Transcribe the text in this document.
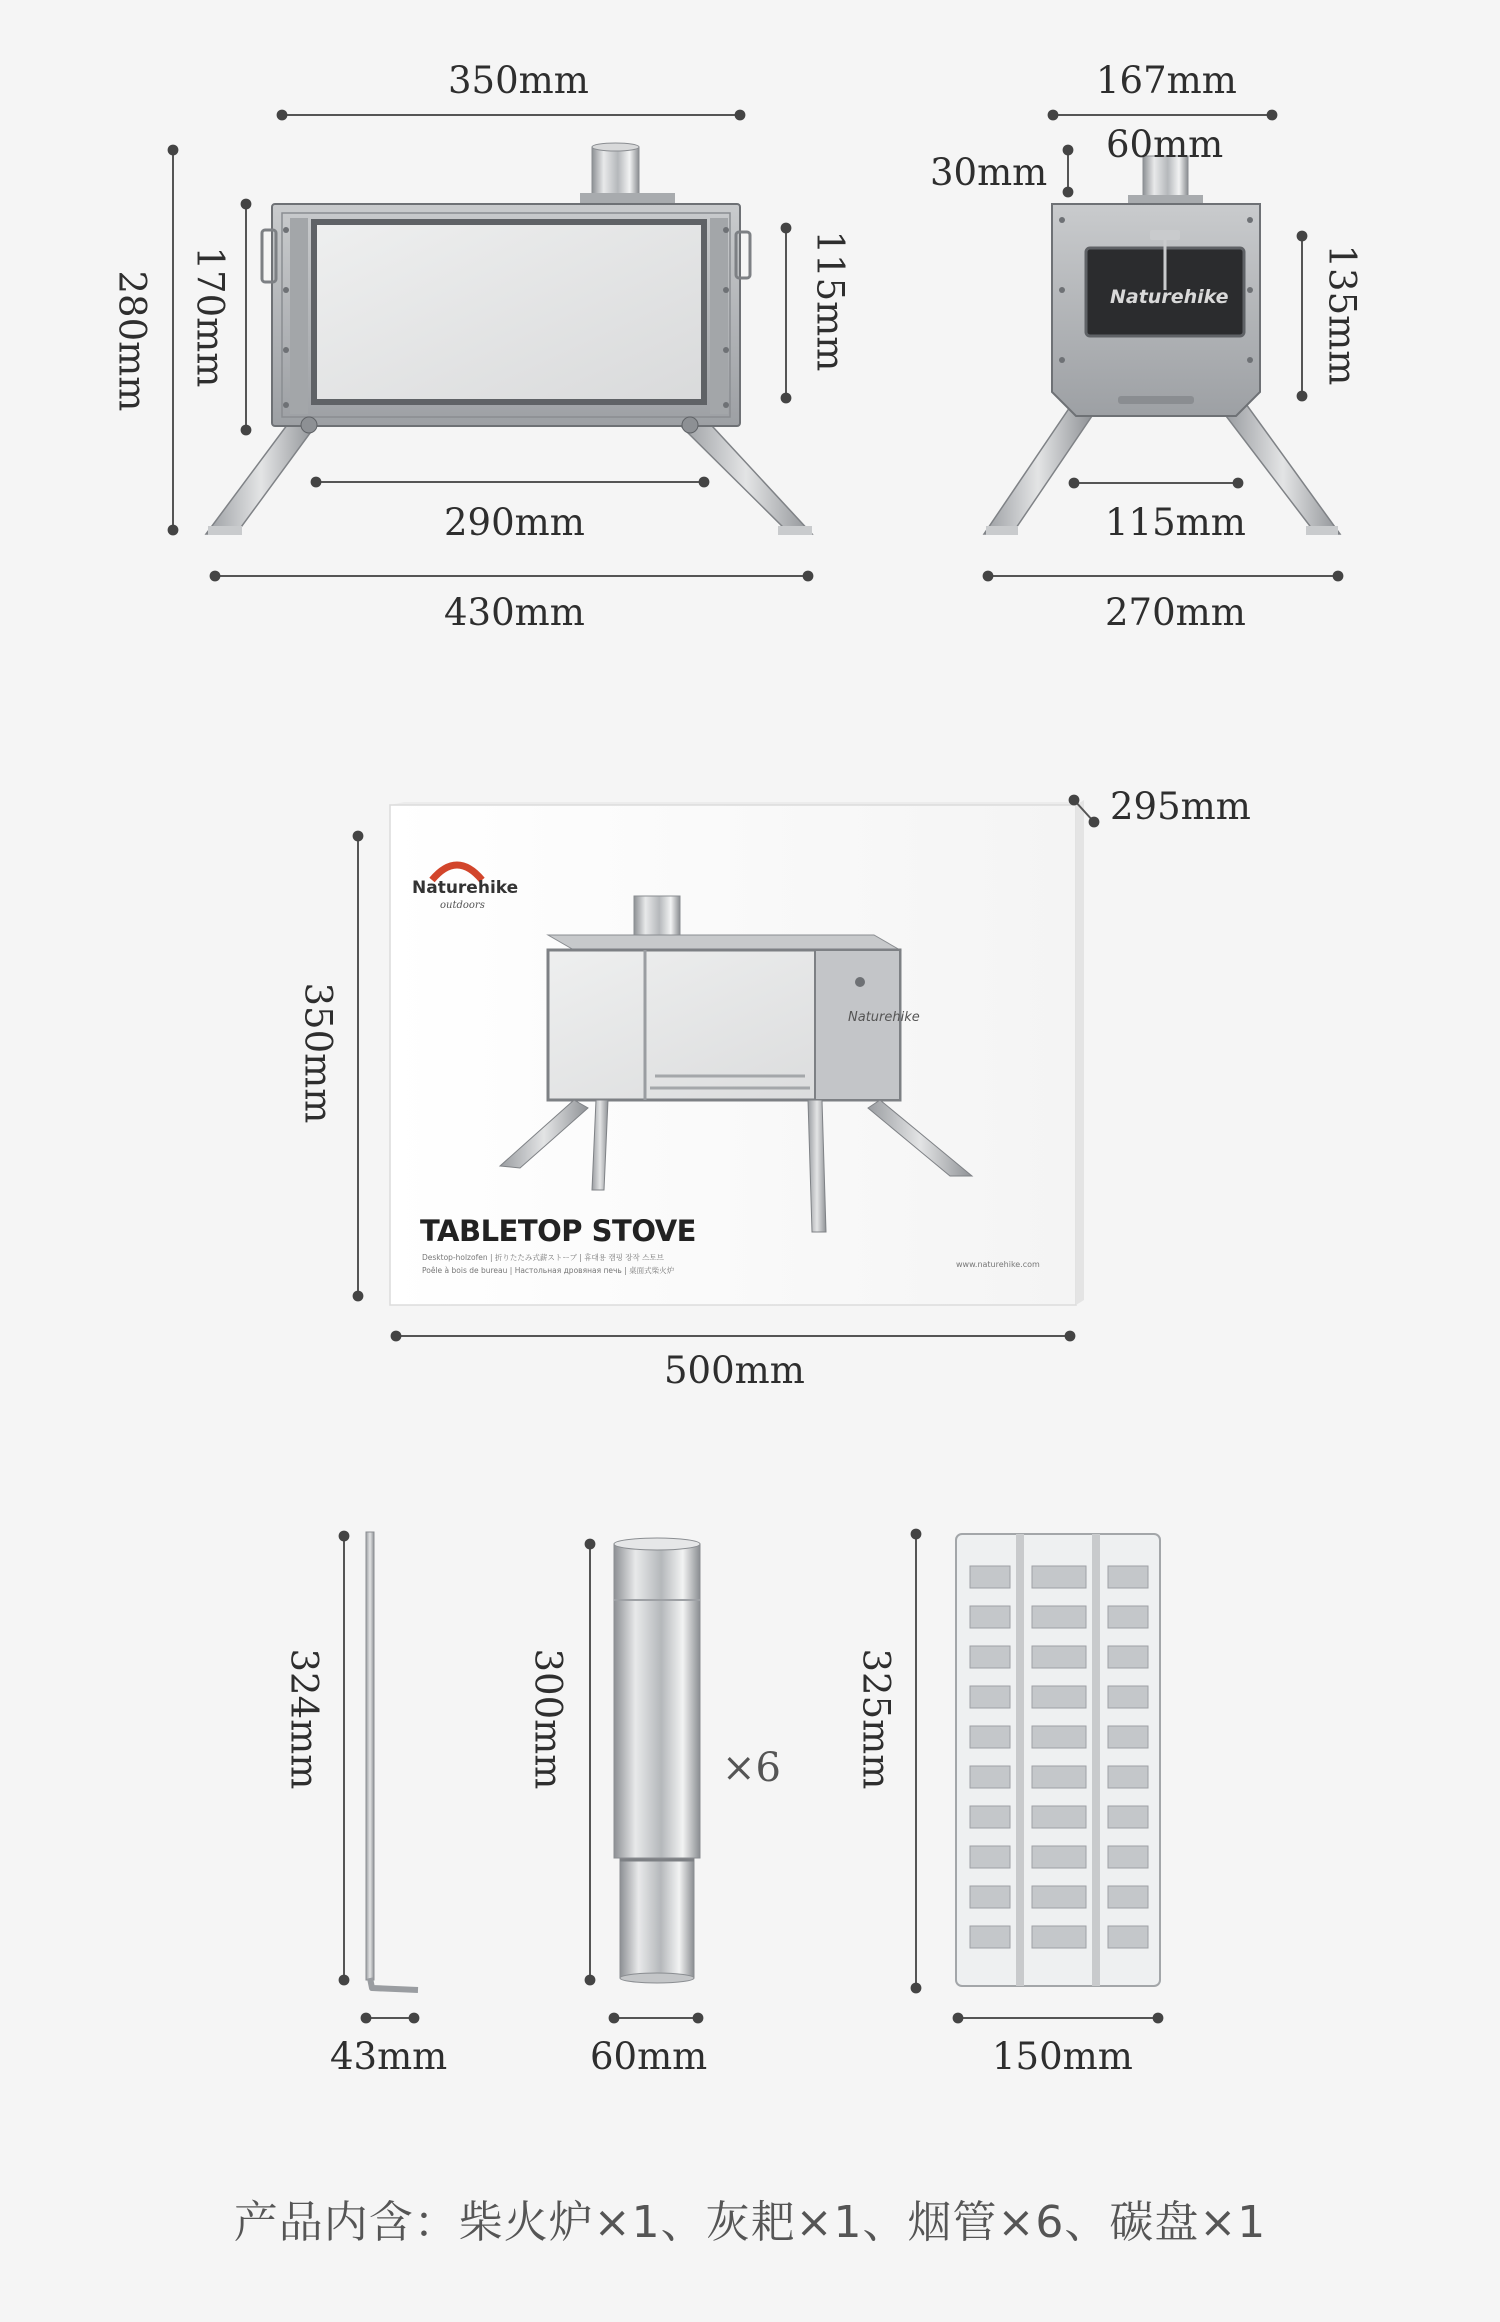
Naturehike
350mm
280mm 170mm	115mm
290mm
430mm
167mm
60mm
30mm
135mm
115mm
270mm
295mm
350mm
500mm
Naturehike
outdoors
Naturehike
TABLETOP STOVE
Desktop-holzofen | 折りたたみ式薪ストーブ | 휴대용 캠핑 장작 스토브
Poêle à bois de bureau | Настольная дровяная печь | 桌面式柴火炉
www.naturehike.com
324mm
43mm
300mm	×6
60mm
325mm
150mm
产品内含：柴火炉×1、灰耙×1、烟管×6、碳盘×1
